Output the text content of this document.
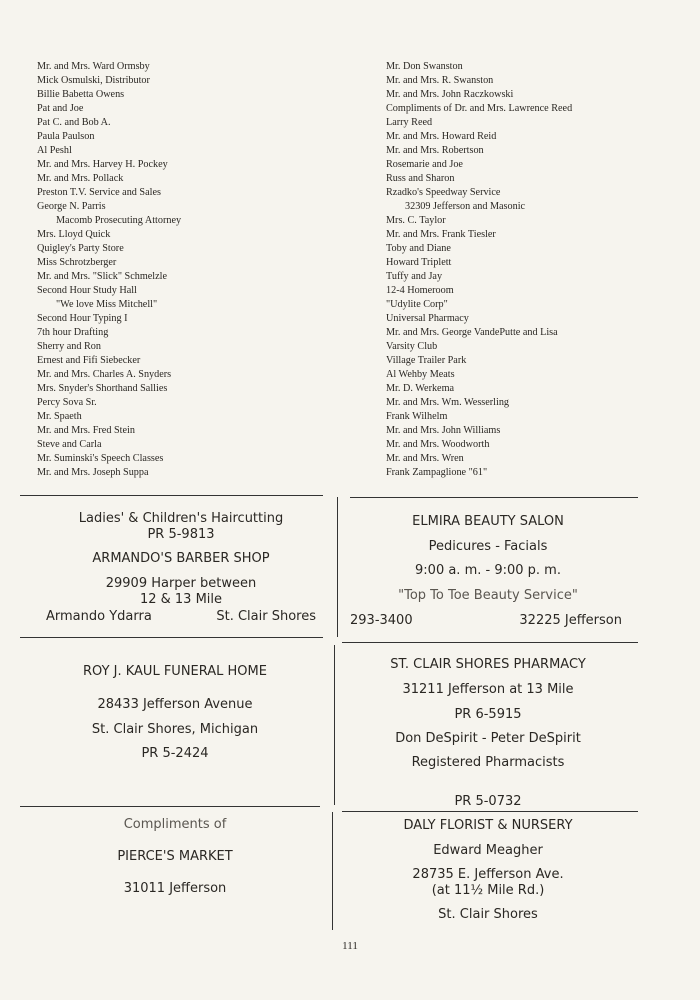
Mr. and Mrs. Ward Ormsby
Mick Osmulski, Distributor
Billie Babetta Owens
Pat and Joe
Pat C. and Bob A.
Paula Paulson
Al Peshl
Mr. and Mrs. Harvey H. Pockey
Mr. and Mrs. Pollack
Preston T.V. Service and Sales
George N. Parris
Macomb Prosecuting Attorney
Mrs. Lloyd Quick
Quigley's Party Store
Miss Schrotzberger
Mr. and Mrs. "Slick" Schmelzle
Second Hour Study Hall
"We love Miss Mitchell"
Second Hour Typing I
7th hour Drafting
Sherry and Ron
Ernest and Fifi Siebecker
Mr. and Mrs. Charles A. Snyders
Mrs. Snyder's Shorthand Sallies
Percy Sova Sr.
Mr. Spaeth
Mr. and Mrs. Fred Stein
Steve and Carla
Mr. Suminski's Speech Classes
Mr. and Mrs. Joseph Suppa
Mr. Don Swanston
Mr. and Mrs. R. Swanston
Mr. and Mrs. John Raczkowski
Compliments of Dr. and Mrs. Lawrence Reed
Larry Reed
Mr. and Mrs. Howard Reid
Mr. and Mrs. Robertson
Rosemarie and Joe
Russ and Sharon
Rzadko's Speedway Service
32309 Jefferson and Masonic
Mrs. C. Taylor
Mr. and Mrs. Frank Tiesler
Toby and Diane
Howard Triplett
Tuffy and Jay
12-4 Homeroom
"Udylite Corp"
Universal Pharmacy
Mr. and Mrs. George VandePutte and Lisa
Varsity Club
Village Trailer Park
Al Wehby Meats
Mr. D. Werkema
Mr. and Mrs. Wm. Wesserling
Frank Wilhelm
Mr. and Mrs. John Williams
Mr. and Mrs. Woodworth
Mr. and Mrs. Wren
Frank Zampaglione "61"

Ladies' & Children's Haircutting

PR 5-9813

ARMANDO'S BARBER SHOP

29909 Harper between

12 & 13 Mile

Armando Ydarra	St. Clair Shores

ELMIRA BEAUTY SALON

Pedicures - Facials

9:00 a. m. - 9:00 p. m.

"Top To Toe Beauty Service"

293-3400	32225 Jefferson

ROY J. KAUL FUNERAL HOME

28433 Jefferson Avenue

St. Clair Shores, Michigan

PR 5-2424

ST. CLAIR SHORES PHARMACY

31211 Jefferson at 13 Mile

PR 6-5915

Don DeSpirit - Peter DeSpirit

Registered Pharmacists

Compliments of

PIERCE'S MARKET

31011 Jefferson

PR 5-0732

DALY FLORIST & NURSERY

Edward Meagher

28735 E. Jefferson Ave.

(at 11½ Mile Rd.)

St. Clair Shores

111
